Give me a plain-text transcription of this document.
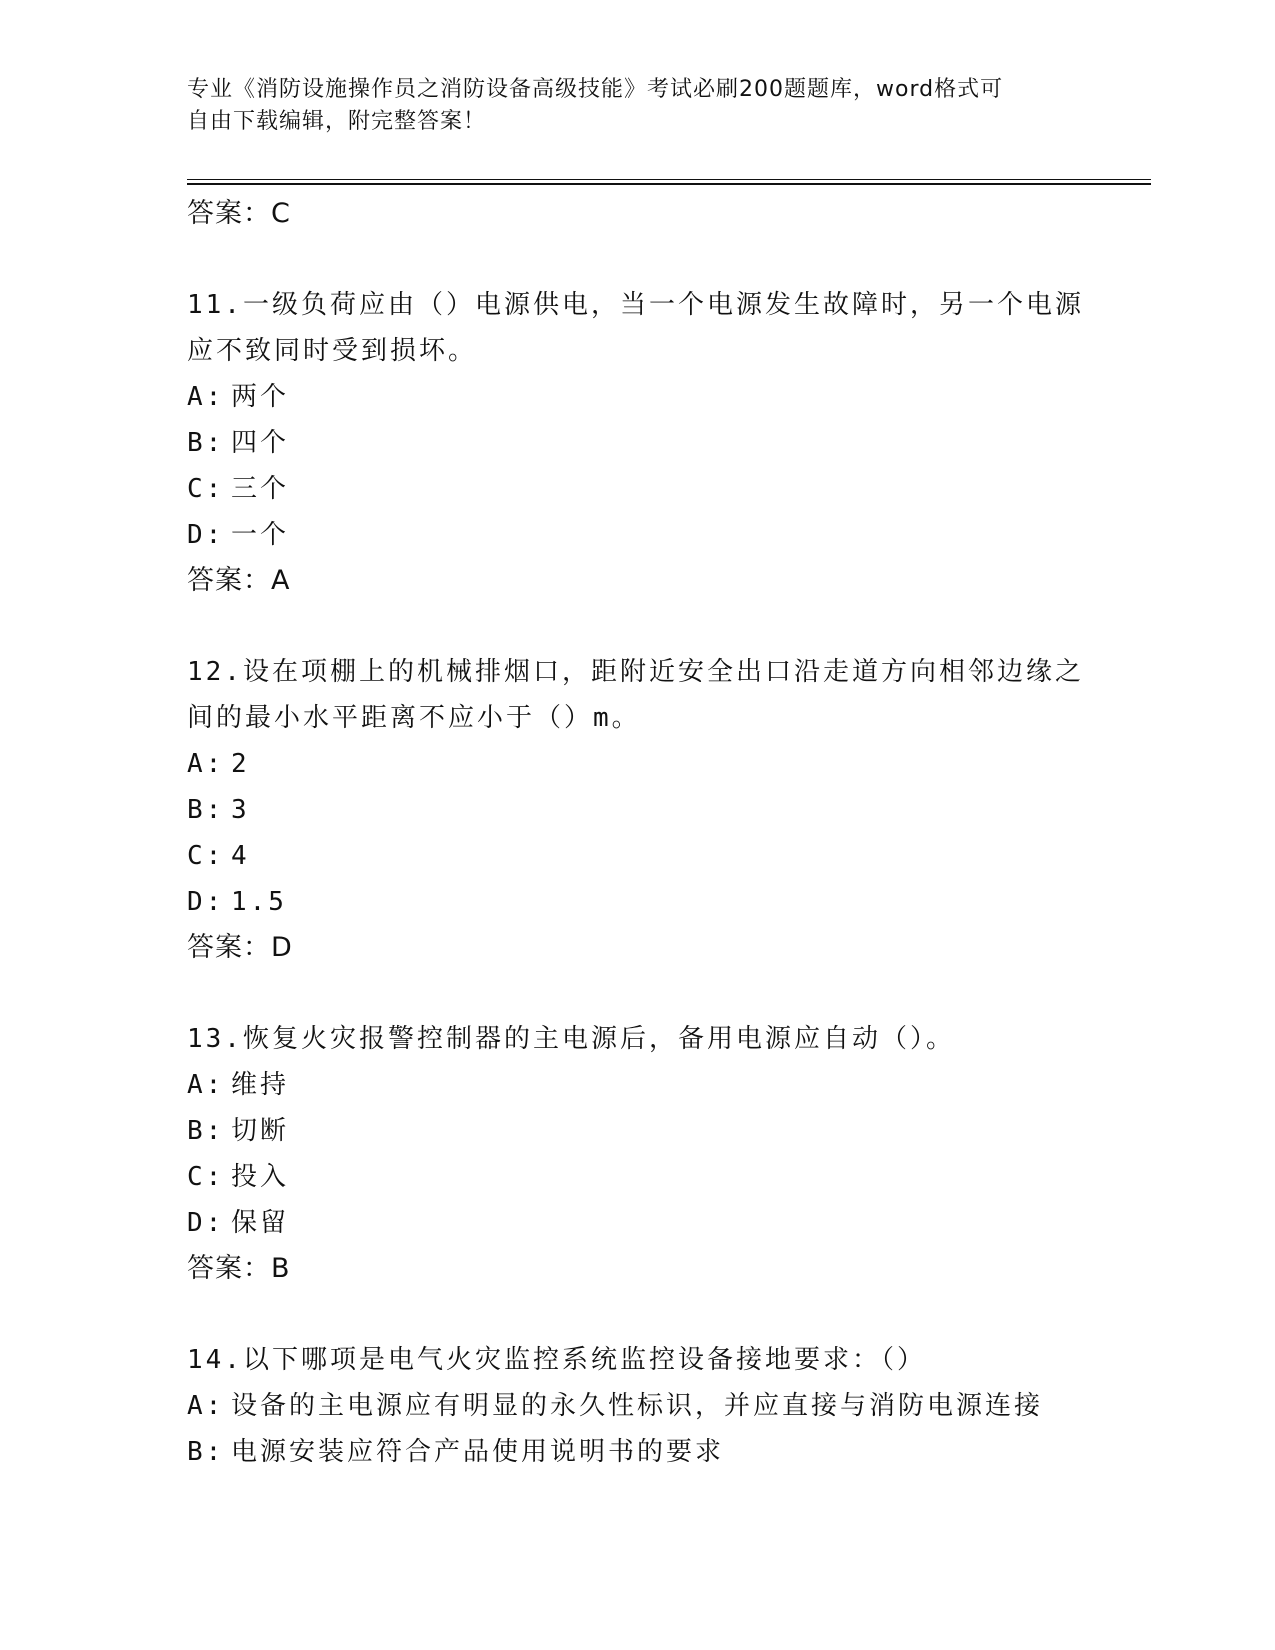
专业《消防设施操作员之消防设备高级技能》考试必刷200题题库，word格式可
自由下载编辑，附完整答案！
答案：C
11.一级负荷应由（）电源供电，当一个电源发生故障时，另一个电源应不致同时受到损坏。
A: 两个
B: 四个
C: 三个
D: 一个
答案：A
12.设在项棚上的机械排烟口，距附近安全出口沿走道方向相邻边缘之间的最小水平距离不应小于（）m。
A: 2
B: 3
C: 4
D: 1.5
答案：D
13.恢复火灾报警控制器的主电源后，备用电源应自动（）。
A: 维持
B: 切断
C: 投入
D: 保留
答案：B
14.以下哪项是电气火灾监控系统监控设备接地要求：（）
A: 设备的主电源应有明显的永久性标识，并应直接与消防电源连接
B: 电源安装应符合产品使用说明书的要求
